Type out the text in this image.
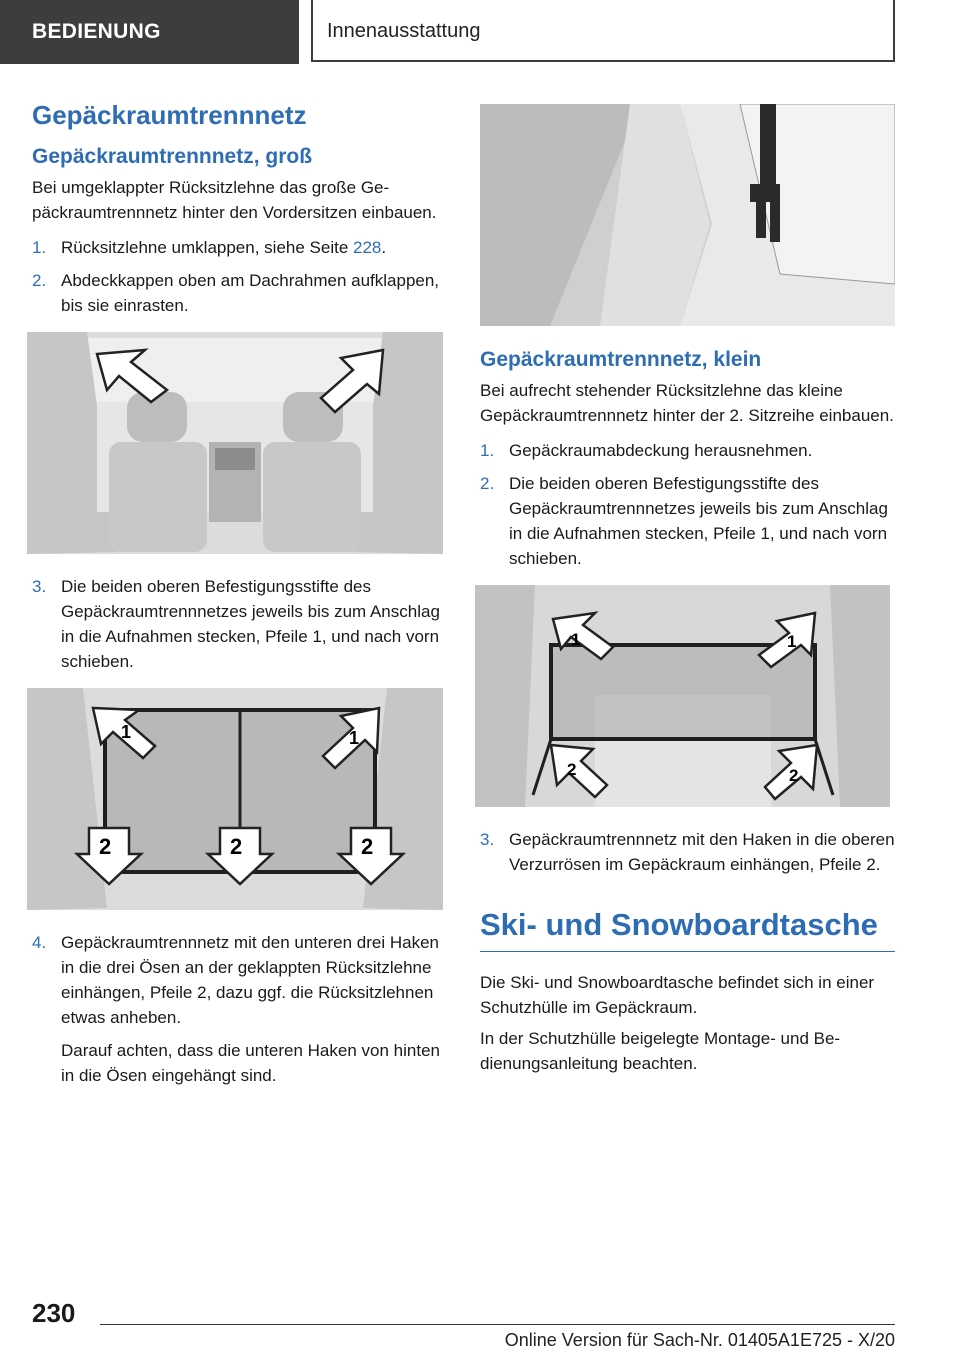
BEDIENUNG	Innenausstattung
Gepäckraumtrennnetz
Gepäckraumtrennnetz, groß

Bei umgeklappter Rücksitzlehne das große Gepäckraumtrennnetz hinter den Vordersitzen einbauen.

1. Rücksitzlehne umklappen, siehe Seite 228.
2. Abdeckkappen oben am Dachrahmen aufklappen, bis sie einrasten.
3. Die beiden oberen Befestigungsstifte des Gepäckraumtrennnetzes jeweils bis zum Anschlag in die Aufnahmen stecken, Pfeile 1, und nach vorn schieben.
1	1
2	2	2
4. Gepäckraumtrennnetz mit den unteren drei Haken in die drei Ösen an der geklappten Rücksitzlehne einhängen, Pfeile 2, dazu ggf. die Rücksitzlehnen etwas anheben.

Darauf achten, dass die unteren Haken von hinten in die Ösen eingehängt sind.

Gepäckraumtrennnetz, klein

Bei aufrecht stehender Rücksitzlehne das kleine Gepäckraumtrennnetz hinter der 2. Sitzreihe einbauen.

1. Gepäckraumabdeckung herausnehmen.
2. Die beiden oberen Befestigungsstifte des Gepäckraumtrennnetzes jeweils bis zum Anschlag in die Aufnahmen stecken, Pfeile 1, und nach vorn schieben.
1	1
2	2
3. Gepäckraumtrennnetz mit den Haken in die oberen Verzurrösen im Gepäckraum einhängen, Pfeile 2.
Ski- und Snowboardtasche

Die Ski- und Snowboardtasche befindet sich in einer Schutzhülle im Gepäckraum.

In der Schutzhülle beigelegte Montage- und Bedienungsanleitung beachten.

230
Online Version für Sach-Nr. 01405A1E725 - X/20
